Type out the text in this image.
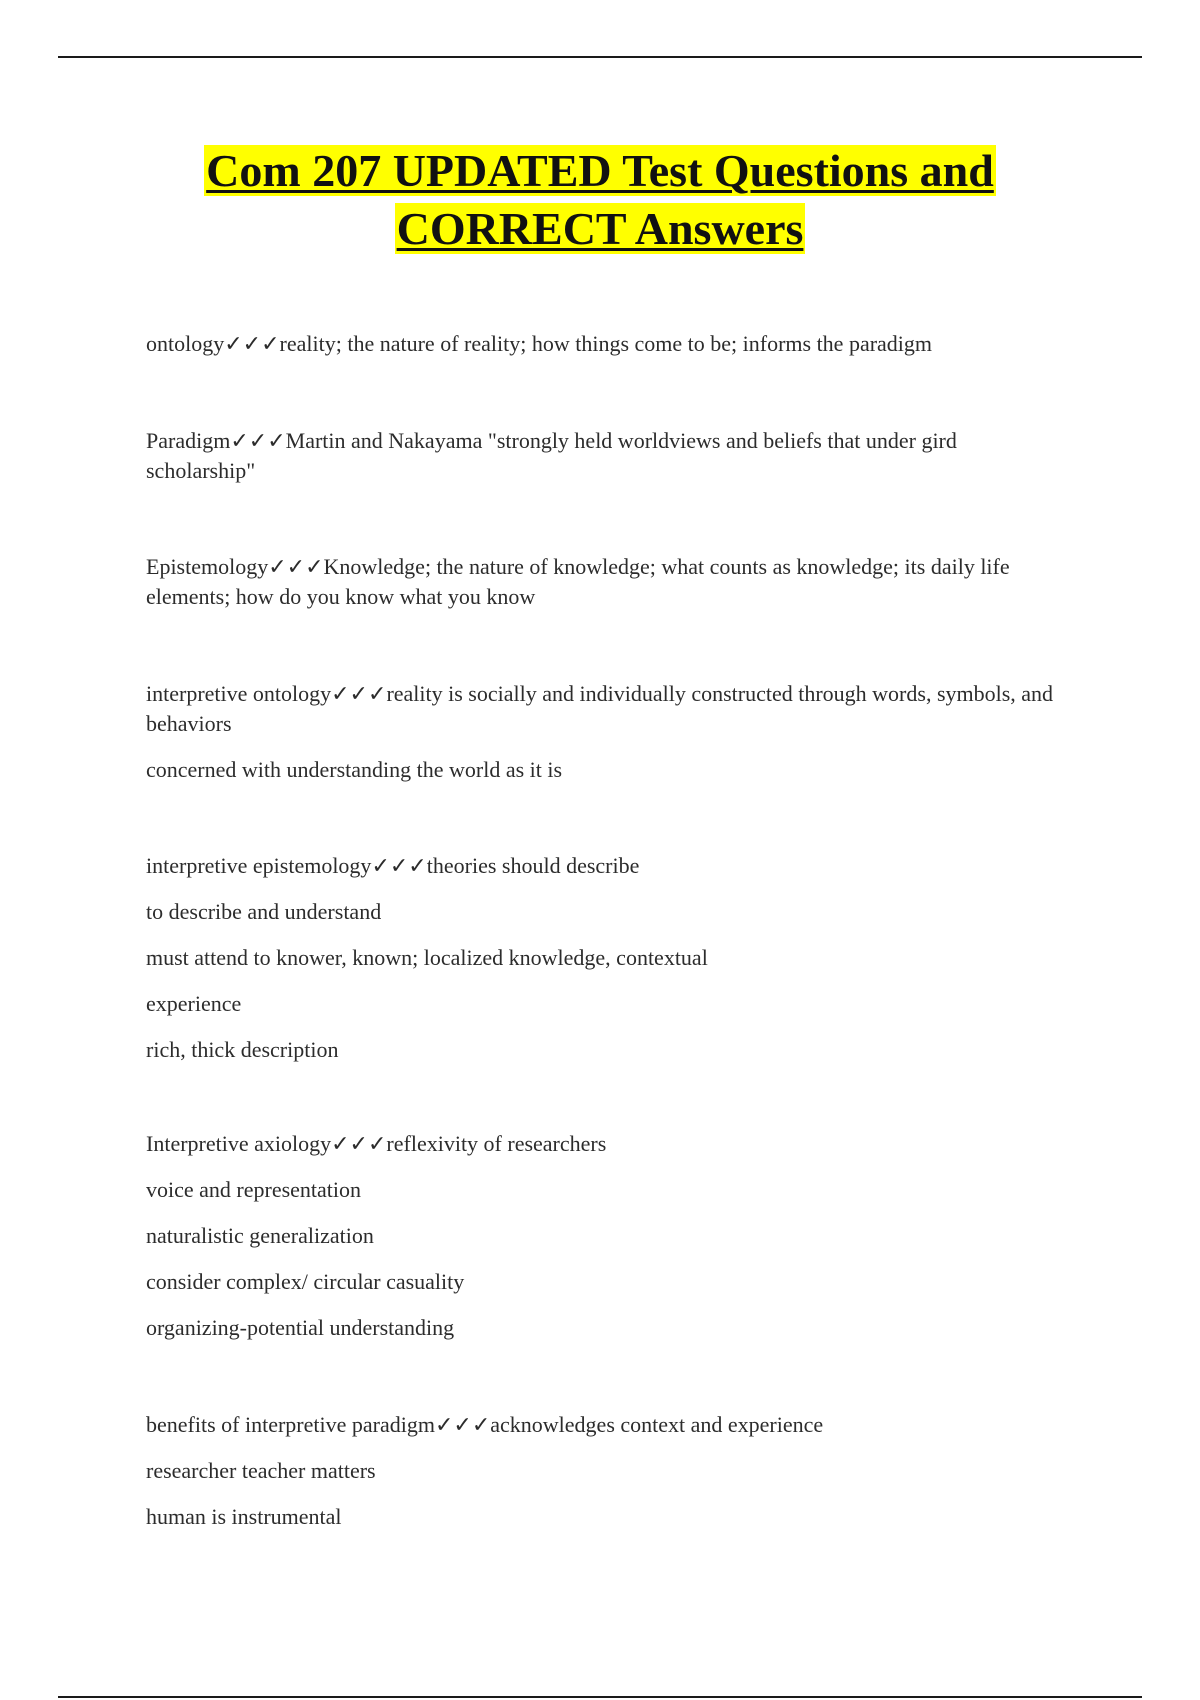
Com 207 UPDATED Test Questions and
CORRECT Answers

ontology✓✓✓reality; the nature of reality; how things come to be; informs the paradigm

Paradigm✓✓✓Martin and Nakayama "strongly held worldviews and beliefs that under gird scholarship"

Epistemology✓✓✓Knowledge; the nature of knowledge; what counts as knowledge; its daily life elements; how do you know what you know

interpretive ontology✓✓✓reality is socially and individually constructed through words, symbols, and behaviors

concerned with understanding the world as it is

interpretive epistemology✓✓✓theories should describe

to describe and understand

must attend to knower, known; localized knowledge, contextual

experience

rich, thick description

Interpretive axiology✓✓✓reflexivity of researchers

voice and representation

naturalistic generalization

consider complex/ circular casuality

organizing-potential understanding

benefits of interpretive paradigm✓✓✓acknowledges context and experience

researcher teacher matters

human is instrumental
